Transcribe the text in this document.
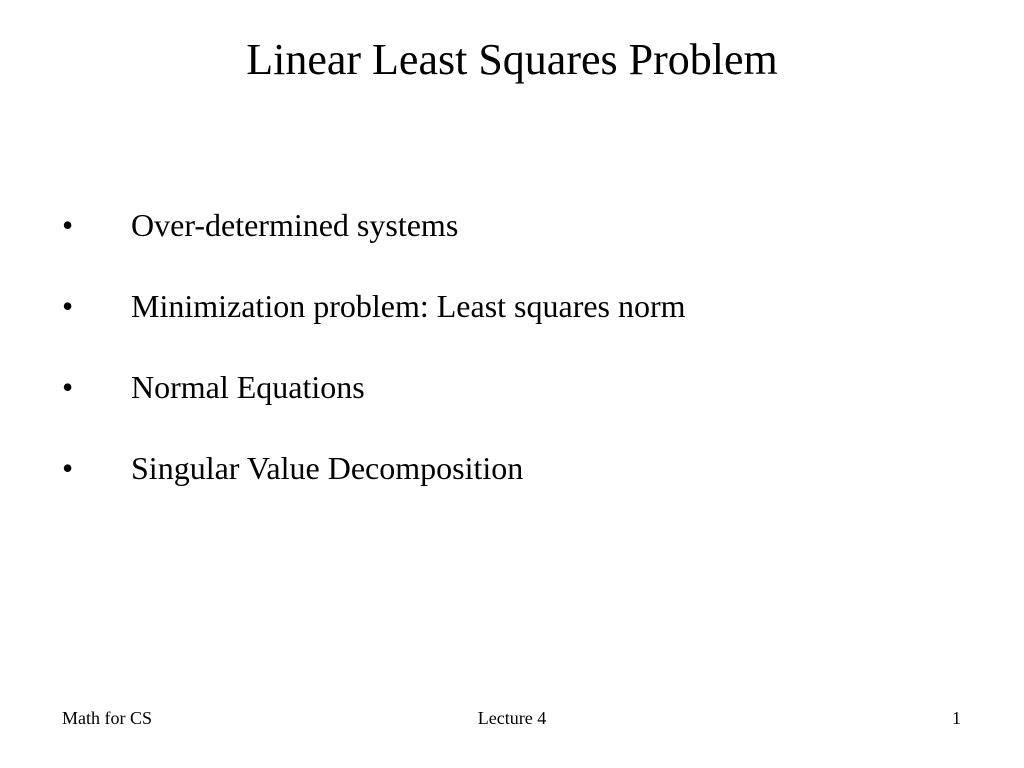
Linear Least Squares Problem
• Over-determined systems
• Minimization problem: Least squares norm
• Normal Equations
• Singular Value Decomposition
Math for CS	Lecture 4	1
